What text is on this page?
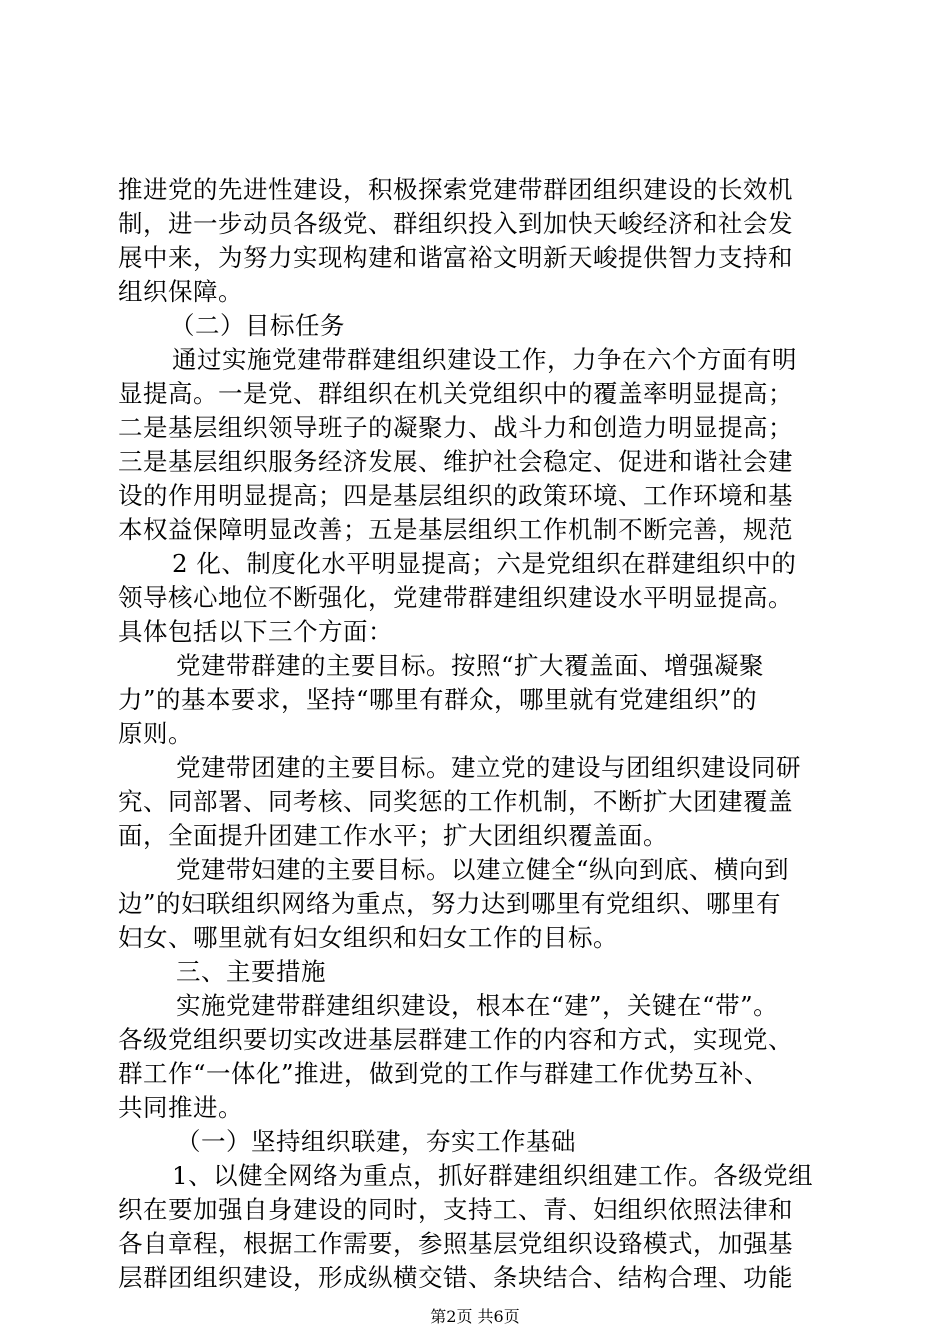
推进党的先进性建设，积极探索党建带群团组织建设的长效机
制，进一步动员各级党、群组织投入到加快天峻经济和社会发
展中来，为努力实现构建和谐富裕文明新天峻提供智力支持和
组织保障。
（二）目标任务
通过实施党建带群建组织建设工作，力争在六个方面有明
显提高。一是党、群组织在机关党组织中的覆盖率明显提高；
二是基层组织领导班子的凝聚力、战斗力和创造力明显提高；
三是基层组织服务经济发展、维护社会稳定、促进和谐社会建
设的作用明显提高；四是基层组织的政策环境、工作环境和基
本权益保障明显改善；五是基层组织工作机制不断完善，规范
2 化、制度化水平明显提高；六是党组织在群建组织中的
领导核心地位不断强化，党建带群建组织建设水平明显提高。
具体包括以下三个方面：
党建带群建的主要目标。按照“扩大覆盖面、增强凝聚
力”的基本要求，坚持“哪里有群众，哪里就有党建组织”的
原则。
党建带团建的主要目标。建立党的建设与团组织建设同研
究、同部署、同考核、同奖惩的工作机制，不断扩大团建覆盖
面，全面提升团建工作水平；扩大团组织覆盖面。
党建带妇建的主要目标。以建立健全“纵向到底、横向到
边”的妇联组织网络为重点，努力达到哪里有党组织、哪里有
妇女、哪里就有妇女组织和妇女工作的目标。
三、主要措施
实施党建带群建组织建设，根本在“建”，关键在“带”。
各级党组织要切实改进基层群建工作的内容和方式，实现党、
群工作“一体化”推进，做到党的工作与群建工作优势互补、
共同推进。
（一）坚持组织联建，夯实工作基础
1、以健全网络为重点，抓好群建组织组建工作。各级党组
织在要加强自身建设的同时，支持工、青、妇组织依照法律和
各自章程，根据工作需要，参照基层党组织设臵模式，加强基
层群团组织建设，形成纵横交错、条块结合、结构合理、功能
第2页 共6页
